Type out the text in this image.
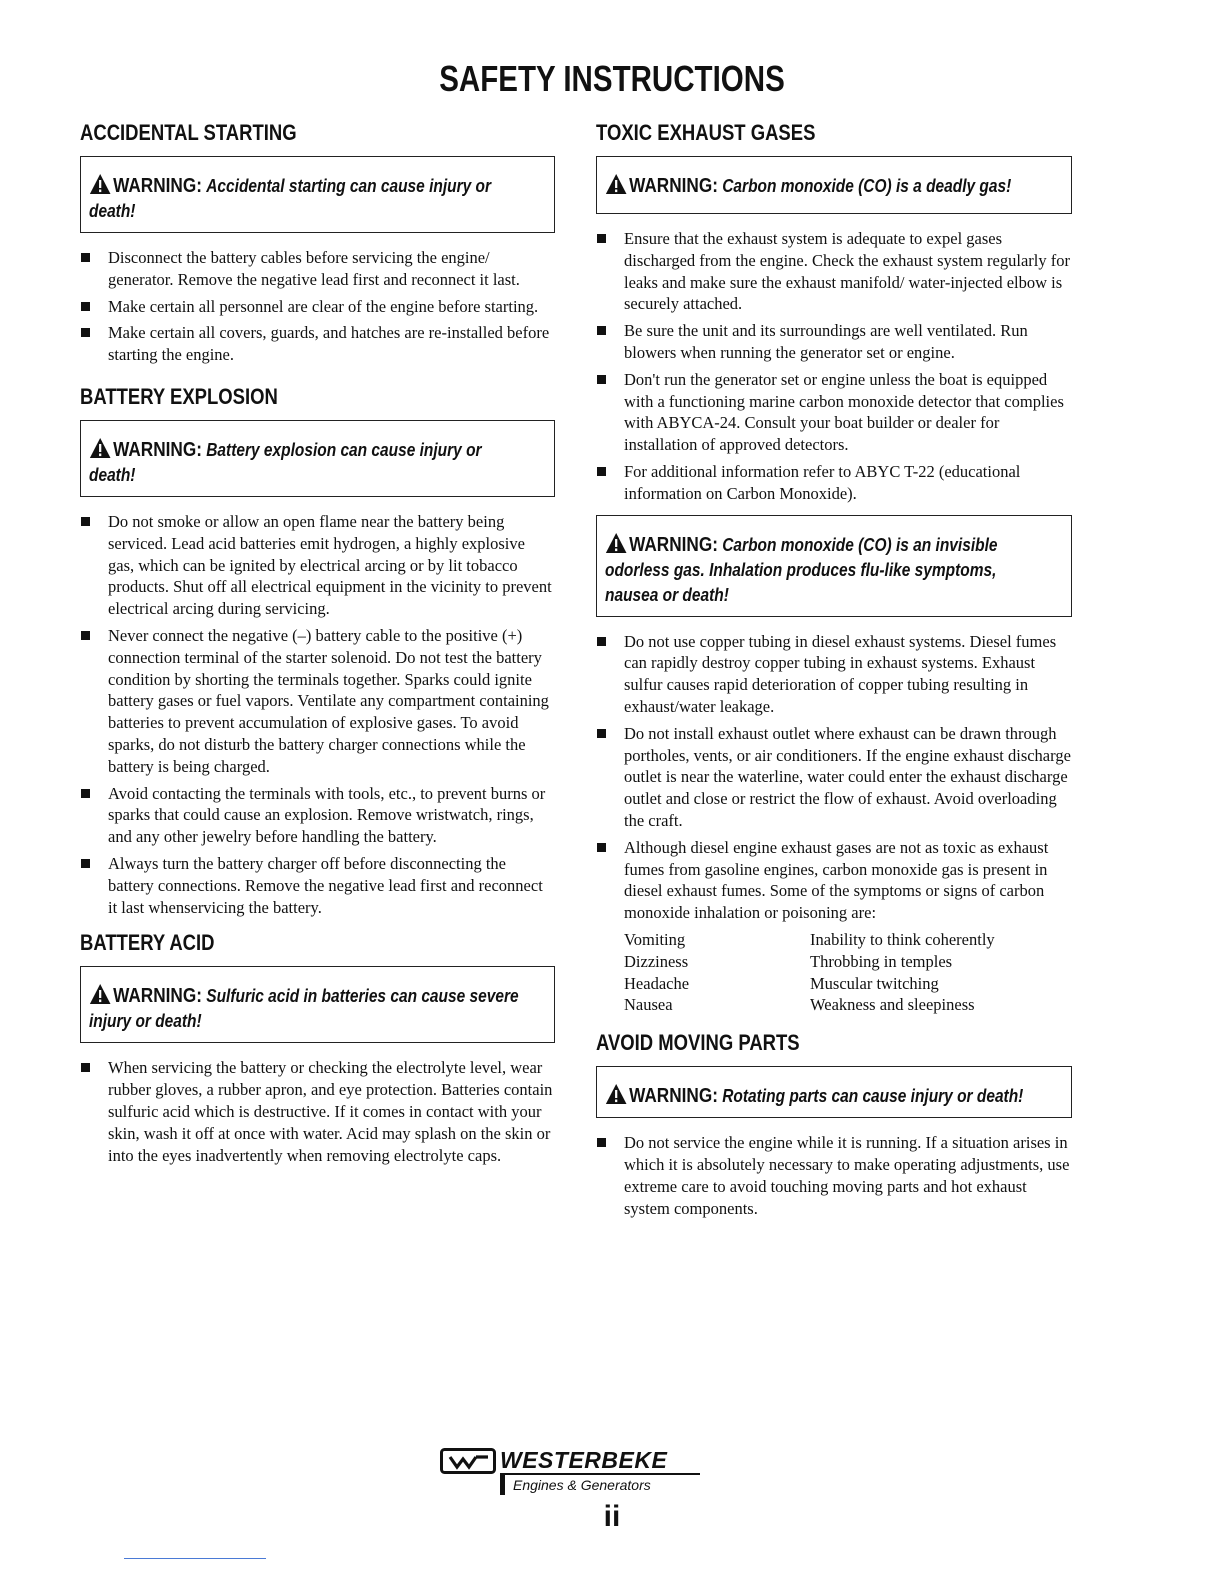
SAFETY INSTRUCTIONS
ACCIDENTAL STARTING
WARNING: Accidental starting can cause injury or death!
Disconnect the battery cables before servicing the engine/ generator. Remove the negative lead first and reconnect it last.
Make certain all personnel are clear of the engine before starting.
Make certain all covers, guards, and hatches are re-installed before starting the engine.
BATTERY EXPLOSION
WARNING: Battery explosion can cause injury or death!
Do not smoke or allow an open flame near the battery being serviced. Lead acid batteries emit hydrogen, a highly explosive gas, which can be ignited by electrical arcing or by lit tobacco products. Shut off all electrical equipment in the vicinity to prevent electrical arcing during servicing.
Never connect the negative (–) battery cable to the positive (+) connection terminal of the starter solenoid. Do not test the battery condition by shorting the terminals together. Sparks could ignite battery gases or fuel vapors. Ventilate any compartment containing batteries to prevent accumulation of explosive gases. To avoid sparks, do not disturb the battery charger connections while the battery is being charged.
Avoid contacting the terminals with tools, etc., to prevent burns or sparks that could cause an explosion. Remove wristwatch, rings, and any other jewelry before handling the battery.
Always turn the battery charger off before disconnecting the battery connections. Remove the negative lead first and reconnect it last whenservicing the battery.
BATTERY ACID
WARNING: Sulfuric acid in batteries can cause severe injury or death!
When servicing the battery or checking the electrolyte level, wear rubber gloves, a rubber apron, and eye protection. Batteries contain sulfuric acid which is destructive. If it comes in contact with your skin, wash it off at once with water. Acid may splash on the skin or into the eyes inadvertently when removing electrolyte caps.
TOXIC EXHAUST GASES
WARNING: Carbon monoxide (CO) is a deadly gas!
Ensure that the exhaust system is adequate to expel gases discharged from the engine. Check the exhaust system regularly for leaks and make sure the exhaust manifold/ water-injected elbow is securely attached.
Be sure the unit and its surroundings are well ventilated. Run blowers when running the generator set or engine.
Don't run the generator set or engine unless the boat is equipped with a functioning marine carbon monoxide detector that complies with ABYCA-24. Consult your boat builder or dealer for installation of approved detectors.
For additional information refer to ABYC T-22 (educational information on Carbon Monoxide).
WARNING: Carbon monoxide (CO) is an invisible odorless gas. Inhalation produces flu-like symptoms, nausea or death!
Do not use copper tubing in diesel exhaust systems. Diesel fumes can rapidly destroy copper tubing in exhaust systems. Exhaust sulfur causes rapid deterioration of copper tubing resulting in exhaust/water leakage.
Do not install exhaust outlet where exhaust can be drawn through portholes, vents, or air conditioners. If the engine exhaust discharge outlet is near the waterline, water could enter the exhaust discharge outlet and close or restrict the flow of exhaust. Avoid overloading the craft.
Although diesel engine exhaust gases are not as toxic as exhaust fumes from gasoline engines, carbon monoxide gas is present in diesel exhaust fumes. Some of the symptoms or signs of carbon monoxide inhalation or poisoning are:
Vomiting	Inability to think coherently
Dizziness	Throbbing in temples
Headache	Muscular twitching
Nausea	Weakness and sleepiness
AVOID MOVING PARTS
WARNING: Rotating parts can cause injury or death!
Do not service the engine while it is running. If a situation arises in which it is absolutely necessary to make operating adjustments, use extreme care to avoid touching moving parts and hot exhaust system components.
WESTERBEKE
Engines & Generators
ii
